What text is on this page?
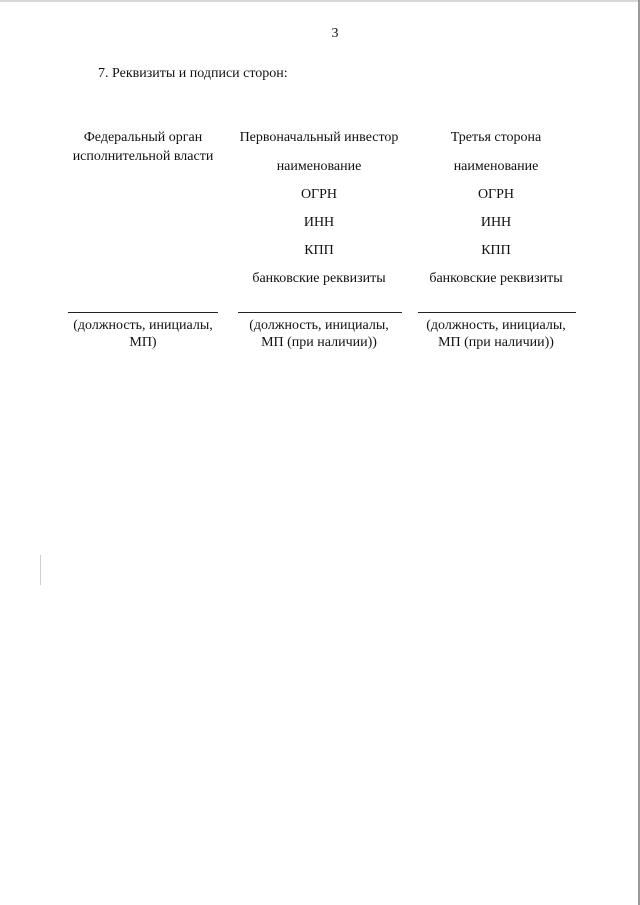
3
7. Реквизиты и подписи сторон:
Федеральный орган
исполнительной власти
Первоначальный инвестор
наименование
ОГРН
ИНН
КПП
банковские реквизиты
Третья сторона
наименование
ОГРН
ИНН
КПП
банковские реквизиты
(должность, инициалы,
МП)
(должность, инициалы,
МП (при наличии))
(должность, инициалы,
МП (при наличии))
